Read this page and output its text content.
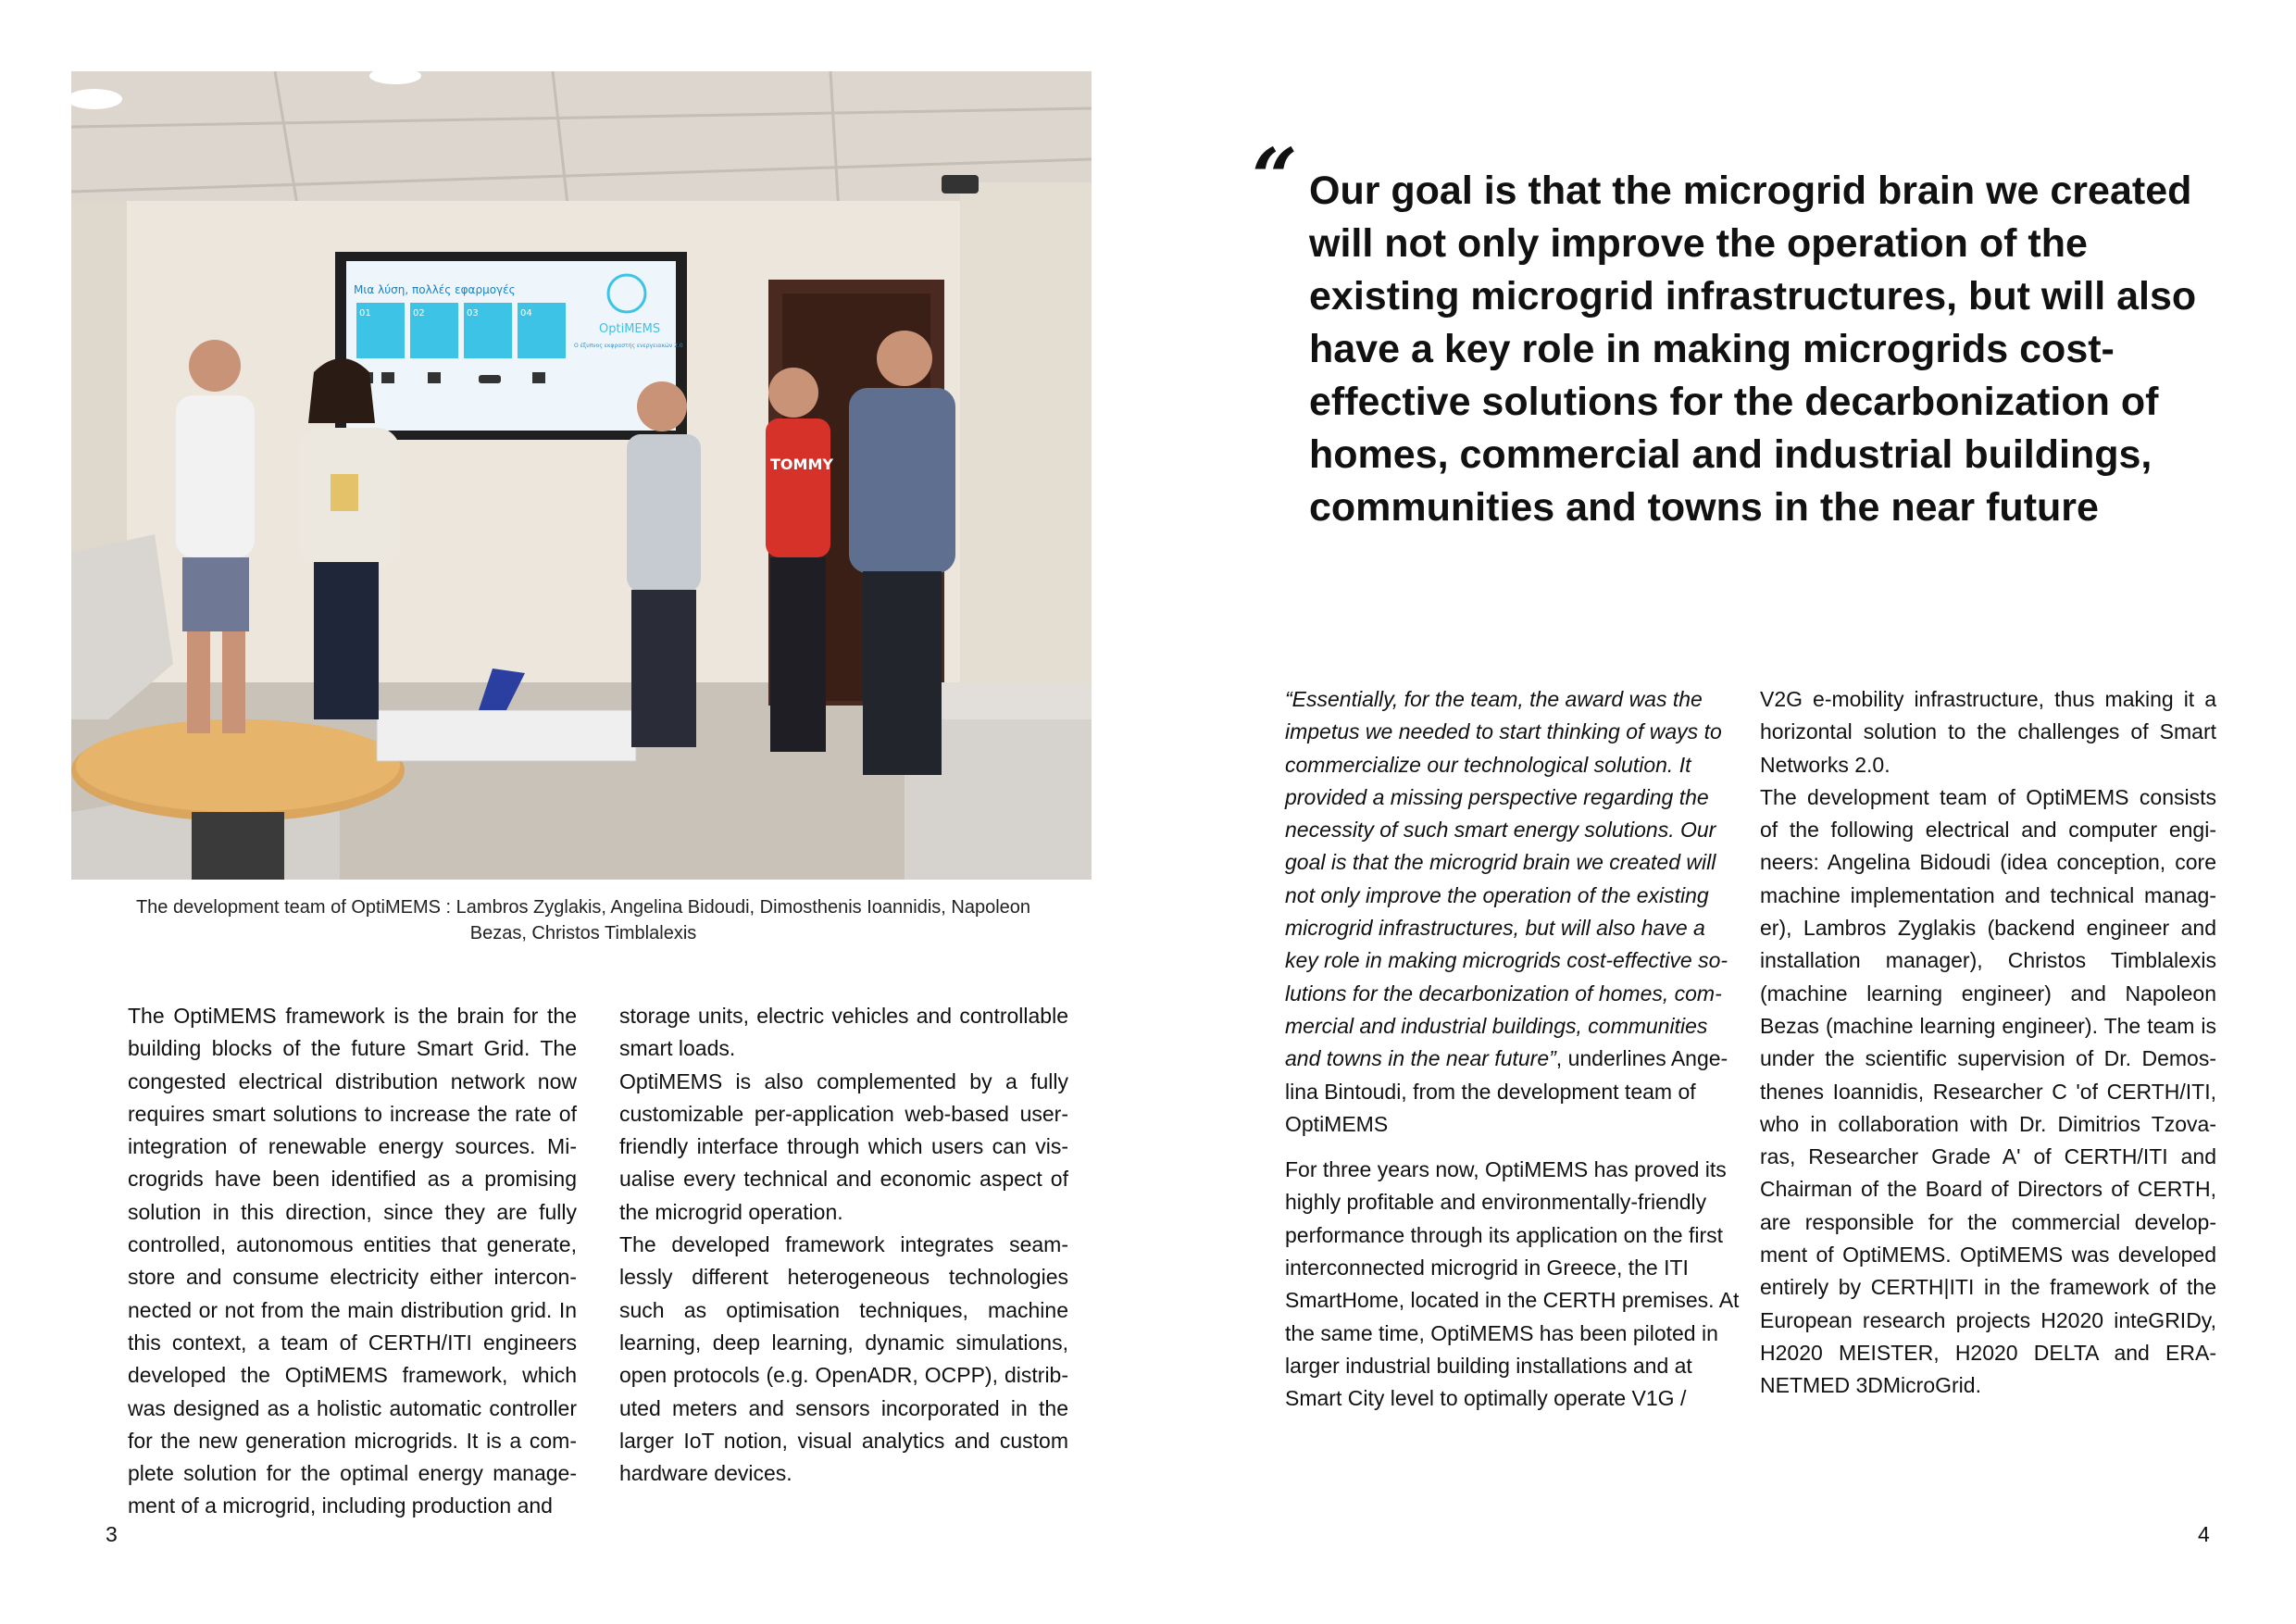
Μια λύση, πολλές εφαρμογές
01	02	03	04
OptiMEMS
Ο έξυπνος εκφραστής ενεργειακών 2.0
TOMMY
The development team of OptiMEMS : Lambros Zyglakis, Angelina Bidoudi, Dimosthenis Ioannidis, Napoleon
Bezas, Christos Timblalexis

The OptiMEMS framework is the brain for the building blocks of the future Smart Grid. The congested electrical distribution network now requires smart solutions to increase the rate of integration of renewable energy sources. Mi-crogrids have been identified as a promising solution in this direction, since they are fully controlled, autonomous entities that generate, store and consume electricity either intercon-nected or not from the main distribution grid. In this context, a team of CERTH/ITI engineers developed the OptiMEMS framework, which was designed as a holistic automatic controller for the new generation microgrids. It is a com-plete solution for the optimal energy manage-ment of a microgrid, including production and

storage units, electric vehicles and controllable smart loads.

OptiMEMS is also complemented by a fully customizable per-application web-based user-friendly interface through which users can vis-ualise every technical and economic aspect of the microgrid operation.

The developed framework integrates seam-lessly different heterogeneous technologies such as optimisation techniques, machine learning, deep learning, dynamic simulations, open protocols (e.g. OpenADR, OCPP), distrib-uted meters and sensors incorporated in the larger IoT notion, visual analytics and custom hardware devices.

3
“ Our goal is that the microgrid brain we created will not only improve the operation of the existing microgrid infrastructures, but will also have a key role in making microgrids cost-effective solutions for the decarbonization of homes, commercial and industrial buildings, communities and towns in the near future

“Essentially, for the team, the award was the impetus we needed to start thinking of ways to commercialize our technological solution. It provided a missing perspective regarding the necessity of such smart energy solutions. Our goal is that the microgrid brain we created will not only improve the operation of the existing microgrid infrastructures, but will also have a key role in making microgrids cost-effective so-lutions for the decarbonization of homes, com-mercial and industrial buildings, communities and towns in the near future”, underlines Ange-lina Bintoudi, from the development team of OptiMEMS

For three years now, OptiMEMS has proved its highly profitable and environmentally-friendly performance through its application on the first interconnected microgrid in Greece, the ITI SmartHome, located in the CERTH premises. At the same time, OptiMEMS has been piloted in larger industrial building installations and at Smart City level to optimally operate V1G /

V2G e-mobility infrastructure, thus making it a horizontal solution to the challenges of Smart Networks 2.0.

The development team of OptiMEMS consists of the following electrical and computer engi-neers: Angelina Bidoudi (idea conception, core machine implementation and technical manag-er), Lambros Zyglakis (backend engineer and installation manager), Christos Timblalexis (machine learning engineer) and Napoleon Bezas (machine learning engineer). The team is under the scientific supervision of Dr. Demos-thenes Ioannidis, Researcher C 'of CERTH/ITI, who in collaboration with Dr. Dimitrios Tzova-ras, Researcher Grade A' of CERTH/ITI and Chairman of the Board of Directors of CERTH, are responsible for the commercial develop-ment of OptiMEMS. OptiMEMS was developed entirely by CERTH|ITI in the framework of the European research projects H2020 inteGRIDy, H2020 MEISTER, H2020 DELTA and ERA-NETMED 3DMicroGrid.

4
